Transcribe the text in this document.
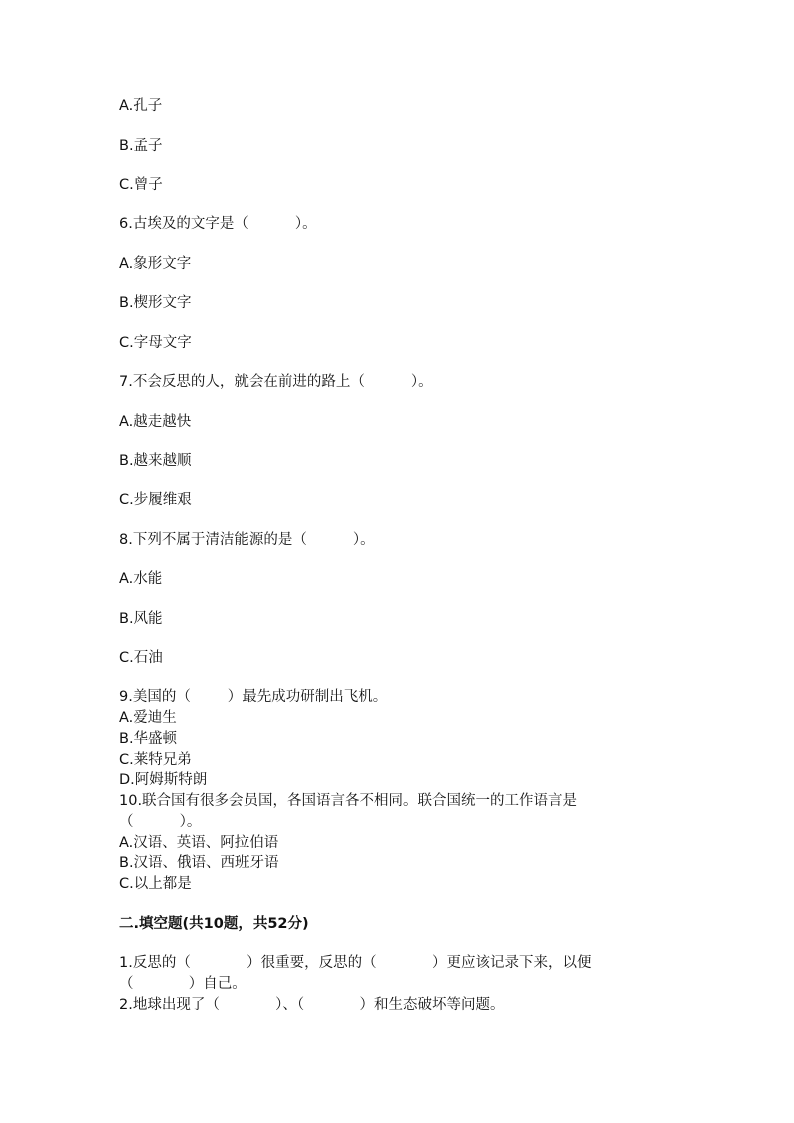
A.孔子
B.孟子
C.曾子
6.古埃及的文字是（          ）。
A.象形文字
B.楔形文字
C.字母文字
7.不会反思的人，就会在前进的路上（          ）。
A.越走越快
B.越来越顺
C.步履维艰
8.下列不属于清洁能源的是（          ）。
A.水能
B.风能
C.石油
9.美国的（        ）最先成功研制出飞机。
A.爱迪生
B.华盛顿
C.莱特兄弟
D.阿姆斯特朗
10.联合国有很多会员国，各国语言各不相同。联合国统一的工作语言是
（          ）。
A.汉语、英语、阿拉伯语
B.汉语、俄语、西班牙语
C.以上都是
二.填空题(共10题，共52分)
1.反思的（            ）很重要，反思的（            ）更应该记录下来，以便
（            ）自己。
2.地球出现了（            ）、（            ）和生态破坏等问题。
